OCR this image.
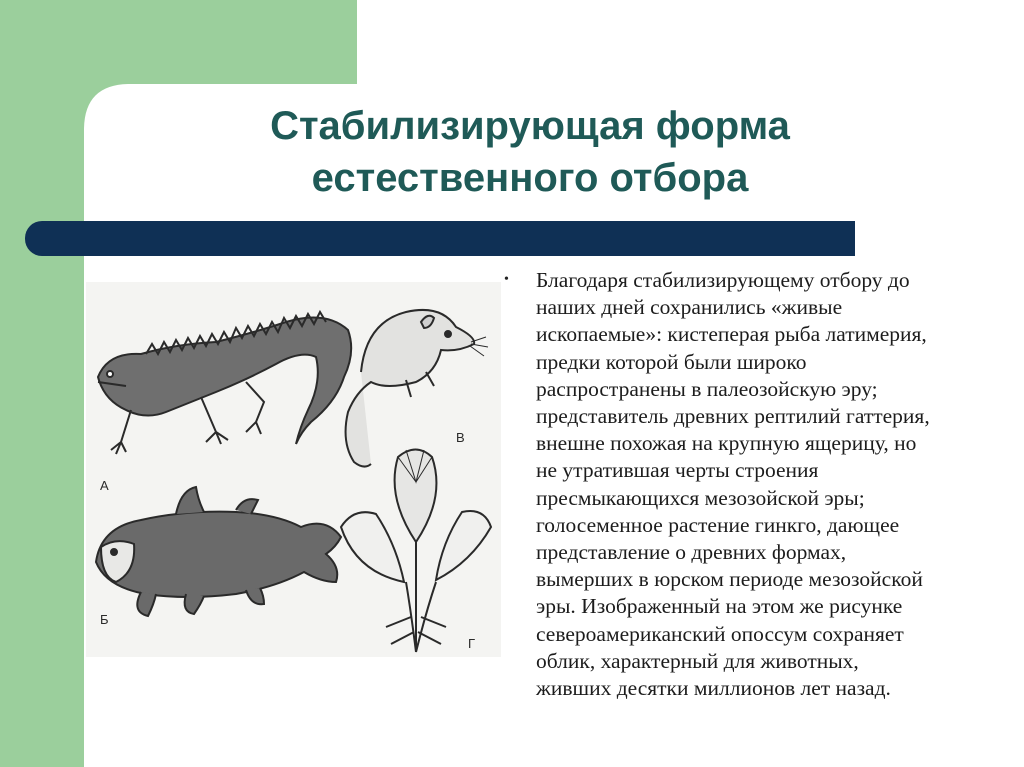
Стабилизирующая форма
естественного отбора
• Благодаря стабилизирующему отбору до
наших дней сохранились «живые
ископаемые»: кистеперая рыба латимерия,
предки которой были широко
распространены в палеозойскую эру;
представитель древних рептилий гаттерия,
внешне похожая на крупную ящерицу, но
не утратившая черты строения
пресмыкающихся мезозойской эры;
голосеменное растение гинкго, дающее
представление о древних формах,
вымерших в юрском периоде мезозойской
эры. Изображенный на этом же рисунке
североамериканский опоссум сохраняет
облик, характерный для животных,
живших десятки миллионов лет назад.
А
В
Б
Г
